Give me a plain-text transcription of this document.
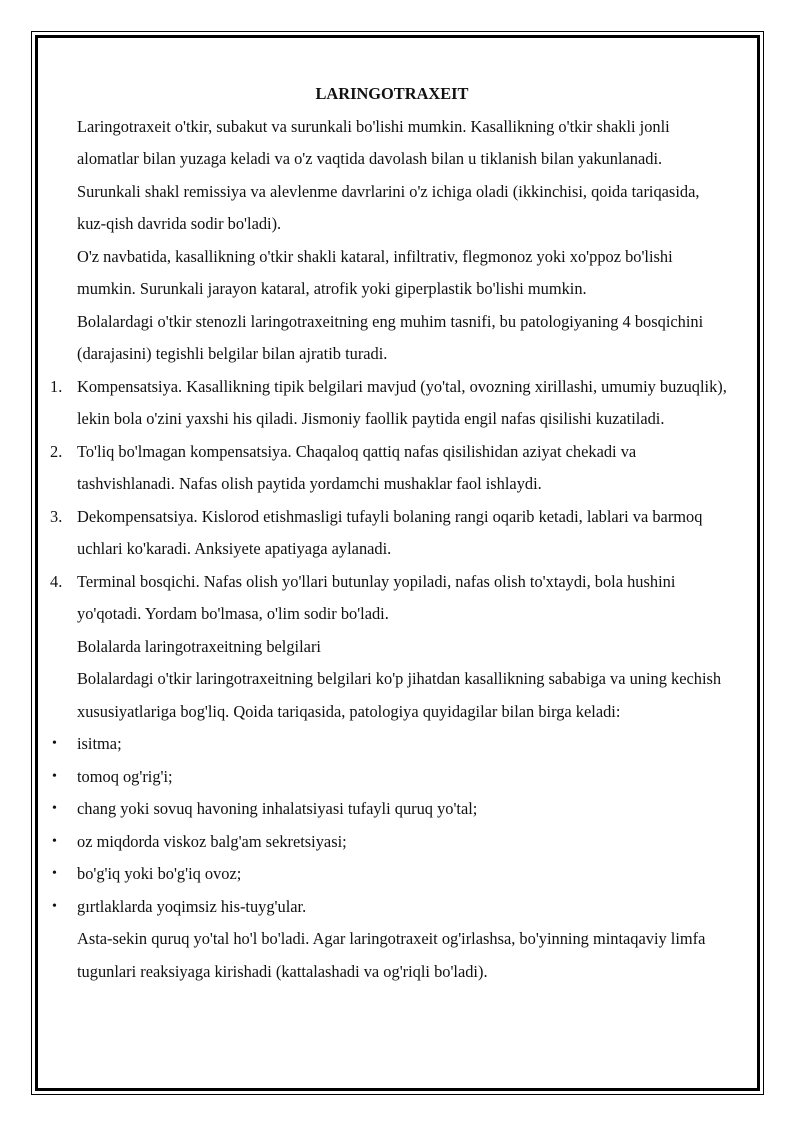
LARINGOTRAXEIT

Laringotraxeit o'tkir, subakut va surunkali bo'lishi mumkin. Kasallikning o'tkir shakli jonli alomatlar bilan yuzaga keladi va o'z vaqtida davolash bilan u tiklanish bilan yakunlanadi. Surunkali shakl remissiya va alevlenme davrlarini o'z ichiga oladi (ikkinchisi, qoida tariqasida, kuz-qish davrida sodir bo'ladi).

O'z navbatida, kasallikning o'tkir shakli kataral, infiltrativ, flegmonoz yoki xo'ppoz bo'lishi mumkin. Surunkali jarayon kataral, atrofik yoki giperplastik bo'lishi mumkin.

Bolalardagi o'tkir stenozli laringotraxeitning eng muhim tasnifi, bu patologiyaning 4 bosqichini (darajasini) tegishli belgilar bilan ajratib turadi.

1. Kompensatsiya. Kasallikning tipik belgilari mavjud (yo'tal, ovozning xirillashi, umumiy buzuqlik), lekin bola o'zini yaxshi his qiladi. Jismoniy faollik paytida engil nafas qisilishi kuzatiladi.
2. To'liq bo'lmagan kompensatsiya. Chaqaloq qattiq nafas qisilishidan aziyat chekadi va tashvishlanadi. Nafas olish paytida yordamchi mushaklar faol ishlaydi.
3. Dekompensatsiya. Kislorod etishmasligi tufayli bolaning rangi oqarib ketadi, lablari va barmoq uchlari ko'karadi. Anksiyete apatiyaga aylanadi.
4. Terminal bosqichi. Nafas olish yo'llari butunlay yopiladi, nafas olish to'xtaydi, bola hushini yo'qotadi. Yordam bo'lmasa, o'lim sodir bo'ladi.

Bolalarda laringotraxeitning belgilari

Bolalardagi o'tkir laringotraxeitning belgilari ko'p jihatdan kasallikning sababiga va uning kechish xususiyatlariga bog'liq. Qoida tariqasida, patologiya quyidagilar bilan birga keladi:

• isitma;
• tomoq og'rig'i;
• chang yoki sovuq havoning inhalatsiyasi tufayli quruq yo'tal;
• oz miqdorda viskoz balg'am sekretsiyasi;
• bo'g'iq yoki bo'g'iq ovoz;
• gırtlaklarda yoqimsiz his-tuyg'ular.

Asta-sekin quruq yo'tal ho'l bo'ladi. Agar laringotraxeit og'irlashsa, bo'yinning mintaqaviy limfa tugunlari reaksiyaga kirishadi (kattalashadi va og'riqli bo'ladi).
